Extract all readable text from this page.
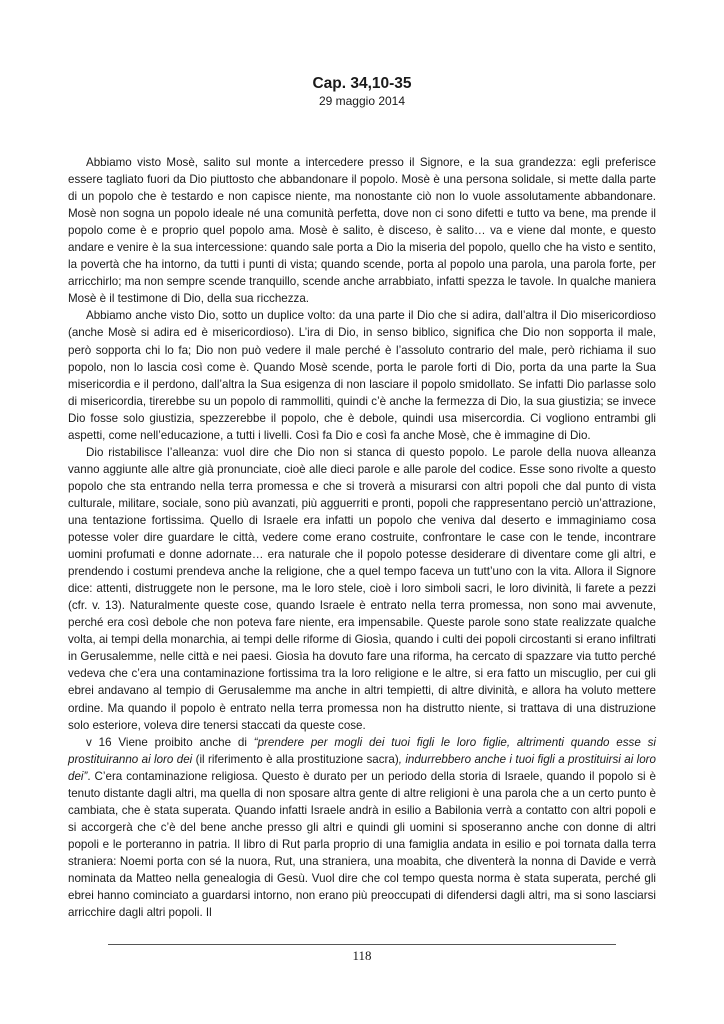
Cap. 34,10-35
29 maggio 2014

Abbiamo visto Mosè, salito sul monte a intercedere presso il Signore, e la sua grandezza: egli preferisce essere tagliato fuori da Dio piuttosto che abbandonare il popolo. Mosè è una persona solidale, si mette dalla parte di un popolo che è testardo e non capisce niente, ma nonostante ciò non lo vuole assolutamente abbandonare. Mosè non sogna un popolo ideale né una comunità perfetta, dove non ci sono difetti e tutto va bene, ma prende il popolo come è e proprio quel popolo ama. Mosè è salito, è disceso, è salito… va e viene dal monte, e questo andare e venire è la sua intercessione: quando sale porta a Dio la miseria del popolo, quello che ha visto e sentito, la povertà che ha intorno, da tutti i punti di vista; quando scende, porta al popolo una parola, una parola forte, per arricchirlo; ma non sempre scende tranquillo, scende anche arrabbiato, infatti spezza le tavole. In qualche maniera Mosè è il testimone di Dio, della sua ricchezza.

Abbiamo anche visto Dio, sotto un duplice volto: da una parte il Dio che si adira, dall’altra il Dio misericordioso (anche Mosè si adira ed è misericordioso). L’ira di Dio, in senso biblico, significa che Dio non sopporta il male, però sopporta chi lo fa; Dio non può vedere il male perché è l’assoluto contrario del male, però richiama il suo popolo, non lo lascia così come è. Quando Mosè scende, porta le parole forti di Dio, porta da una parte la Sua misericordia e il perdono, dall’altra la Sua esigenza di non lasciare il popolo smidollato. Se infatti Dio parlasse solo di misericordia, tirerebbe su un popolo di rammolliti, quindi c’è anche la fermezza di Dio, la sua giustizia; se invece Dio fosse solo giustizia, spezzerebbe il popolo, che è debole, quindi usa misercordia. Ci vogliono entrambi gli aspetti, come nell’educazione, a tutti i livelli. Così fa Dio e così fa anche Mosè, che è immagine di Dio.

Dio ristabilisce l’alleanza: vuol dire che Dio non si stanca di questo popolo. Le parole della nuova alleanza vanno aggiunte alle altre già pronunciate, cioè alle dieci parole e alle parole del codice. Esse sono rivolte a questo popolo che sta entrando nella terra promessa e che si troverà a misurarsi con altri popoli che dal punto di vista culturale, militare, sociale, sono più avanzati, più agguerriti e pronti, popoli che rappresentano perciò un’attrazione, una tentazione fortissima. Quello di Israele era infatti un popolo che veniva dal deserto e immaginiamo cosa potesse voler dire guardare le città, vedere come erano costruite, confrontare le case con le tende, incontrare uomini profumati e donne adornate… era naturale che il popolo potesse desiderare di diventare come gli altri, e prendendo i costumi prendeva anche la religione, che a quel tempo faceva un tutt’uno con la vita. Allora il Signore dice: attenti, distruggete non le persone, ma le loro stele, cioè i loro simboli sacri, le loro divinità, li farete a pezzi (cfr. v. 13). Naturalmente queste cose, quando Israele è entrato nella terra promessa, non sono mai avvenute, perché era così debole che non poteva fare niente, era impensabile. Queste parole sono state realizzate qualche volta, ai tempi della monarchia, ai tempi delle riforme di Giosìa, quando i culti dei popoli circostanti si erano infiltrati in Gerusalemme, nelle città e nei paesi. Giosìa ha dovuto fare una riforma, ha cercato di spazzare via tutto perché vedeva che c’era una contaminazione fortissima tra la loro religione e le altre, si era fatto un miscuglio, per cui gli ebrei andavano al tempio di Gerusalemme ma anche in altri tempietti, di altre divinità, e allora ha voluto mettere ordine. Ma quando il popolo è entrato nella terra promessa non ha distrutto niente, si trattava di una distruzione solo esteriore, voleva dire tenersi staccati da queste cose.

v 16 Viene proibito anche di “prendere per mogli dei tuoi figli le loro figlie, altrimenti quando esse si prostituiranno ai loro dei (il riferimento è alla prostituzione sacra), indurrebbero anche i tuoi figli a prostituirsi ai loro dei”. C’era contaminazione religiosa. Questo è durato per un periodo della storia di Israele, quando il popolo si è tenuto distante dagli altri, ma quella di non sposare altra gente di altre religioni è una parola che a un certo punto è cambiata, che è stata superata. Quando infatti Israele andrà in esilio a Babilonia verrà a contatto con altri popoli e si accorgerà che c’è del bene anche presso gli altri e quindi gli uomini si sposeranno anche con donne di altri popoli e le porteranno in patria. Il libro di Rut parla proprio di una famiglia andata in esilio e poi tornata dalla terra straniera: Noemi porta con sé la nuora, Rut, una straniera, una moabita, che diventerà la nonna di Davide e verrà nominata da Matteo nella genealogia di Gesù. Vuol dire che col tempo questa norma è stata superata, perché gli ebrei hanno cominciato a guardarsi intorno, non erano più preoccupati di difendersi dagli altri, ma si sono lasciarsi arricchire dagli altri popoli. Il

118
